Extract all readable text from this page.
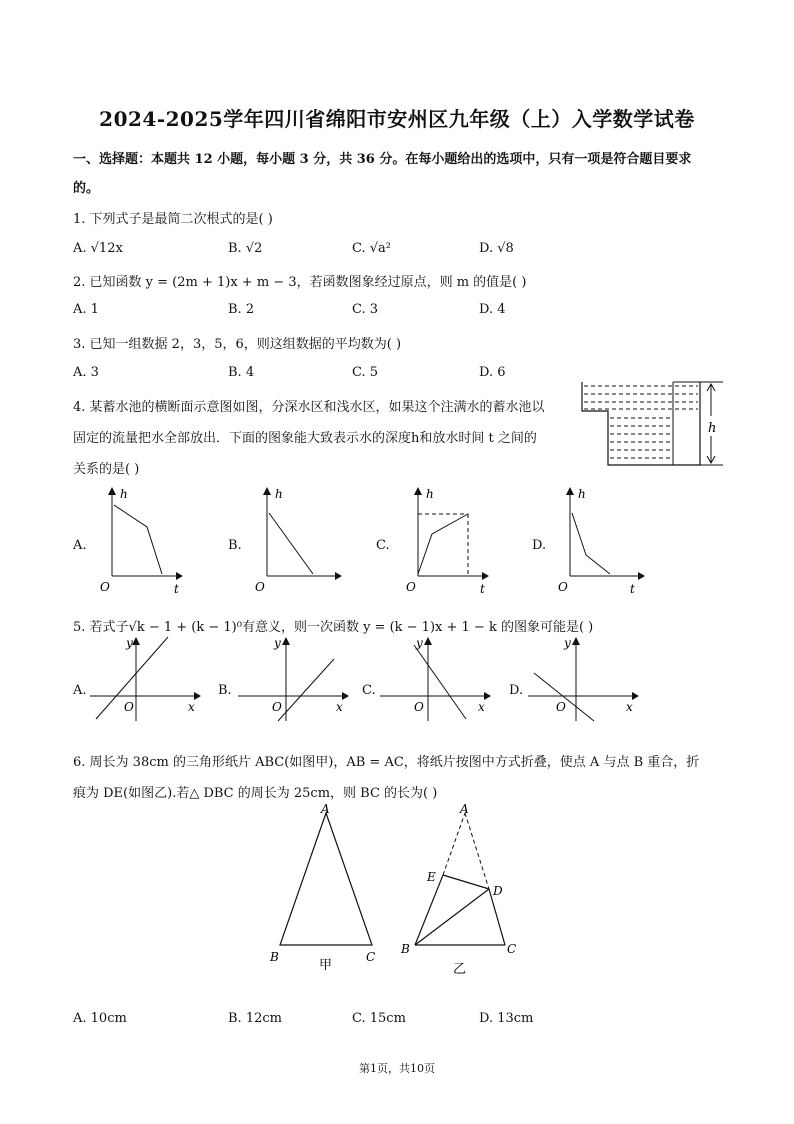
2024-2025学年四川省绵阳市安州区九年级（上）入学数学试卷
一、选择题：本题共 12 小题，每小题 3 分，共 36 分。在每小题给出的选项中，只有一项是符合题目要求
的。
1. 下列式子是最简二次根式的是( )
A. √12x	B. √2	C. √a²	D. √8
2. 已知函数 y = (2m + 1)x + m − 3，若函数图象经过原点，则 m 的值是( )
A. 1	B. 2	C. 3	D. 4
3. 已知一组数据 2，3，5，6，则这组数据的平均数为( )
A. 3	B. 4	C. 5	D. 6
4. 某蓄水池的横断面示意图如图，分深水区和浅水区，如果这个注满水的蓄水池以
固定的流量把水全部放出．下面的图象能大致表示水的深度h和放水时间 t 之间的
关系的是( )
h
A.
h
t
O
B.
h
O
C.
h
t
O
D.
h
t
O
5. 若式子√k − 1 + (k − 1)⁰有意义，则一次函数 y = (k − 1)x + 1 − k 的图象可能是( )
A.
y
x
O
B.
y
x
O
C.
y
x
O
D.
y
x
O
6. 周长为 38cm 的三角形纸片 ABC(如图甲)，AB = AC，将纸片按图中方式折叠，使点 A 与点 B 重合，折
痕为 DE(如图乙).若△ DBC 的周长为 25cm，则 BC 的长为( )
A
B	C
甲
A
E
D
B	C
乙
A. 10cm	B. 12cm	C. 15cm	D. 13cm
第1页，共10页
